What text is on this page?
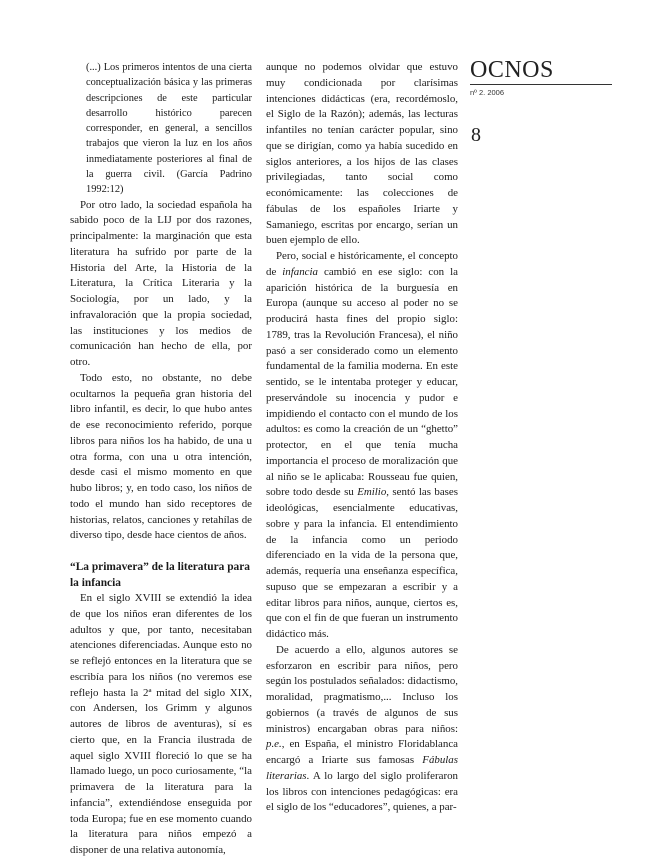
OCNOS
nº 2. 2006
8
(...) Los primeros intentos de una cierta conceptualización básica y las primeras descripciones de este particular desarrollo histórico parecen corresponder, en general, a sencillos trabajos que vieron la luz en los años inmediatamente posteriores al final de la guerra civil. (García Padrino 1992:12)

Por otro lado, la sociedad española ha sabido poco de la LIJ por dos razones, principalmente: la marginación que esta literatura ha sufrido por parte de la Historia del Arte, la Historia de la Literatura, la Crítica Literaria y la Sociología, por un lado, y la infravaloración que la propia sociedad, las instituciones y los medios de comunicación han hecho de ella, por otro.

Todo esto, no obstante, no debe ocultarnos la pequeña gran historia del libro infantil, es decir, lo que hubo antes de ese reconocimiento referido, porque libros para niños los ha habido, de una u otra forma, con una u otra intención, desde casi el mismo momento en que hubo libros; y, en todo caso, los niños de todo el mundo han sido receptores de historias, relatos, canciones y retahílas de diverso tipo, desde hace cientos de años.

“La primavera” de la literatura para la infancia

En el siglo XVIII se extendió la idea de que los niños eran diferentes de los adultos y que, por tanto, necesitaban atenciones diferenciadas. Aunque esto no se reflejó entonces en la literatura que se escribía para los niños (no veremos ese reflejo hasta la 2ª mitad del siglo XIX, con Andersen, los Grimm y algunos autores de libros de aventuras), sí es cierto que, en la Francia ilustrada de aquel siglo XVIII floreció lo que se ha llamado luego, un poco curiosamente, “la primavera de la literatura para la infancia”, extendiéndose enseguida por toda Europa; fue en ese momento cuando la literatura para niños empezó a disponer de una relativa autonomía,

aunque no podemos olvidar que estuvo muy condicionada por clarísimas intenciones didácticas (era, recordémoslo, el Siglo de la Razón); además, las lecturas infantiles no tenían carácter popular, sino que se dirigían, como ya había sucedido en siglos anteriores, a los hijos de las clases privilegiadas, tanto social como económicamente: las colecciones de fábulas de los españoles Iriarte y Samaniego, escritas por encargo, serían un buen ejemplo de ello.

Pero, social e históricamente, el concepto de infancia cambió en ese siglo: con la aparición histórica de la burguesía en Europa (aunque su acceso al poder no se producirá hasta fines del propio siglo: 1789, tras la Revolución Francesa), el niño pasó a ser considerado como un elemento fundamental de la familia moderna. En este sentido, se le intentaba proteger y educar, preservándole su inocencia y pudor e impidiendo el contacto con el mundo de los adultos: es como la creación de un “ghetto” protector, en el que tenía mucha importancia el proceso de moralización que al niño se le aplicaba: Rousseau fue quien, sobre todo desde su Emilio, sentó las bases ideológicas, esencialmente educativas, sobre y para la infancia. El entendimiento de la infancia como un periodo diferenciado en la vida de la persona que, además, requería una enseñanza específica, supuso que se empezaran a escribir y a editar libros para niños, aunque, ciertos es, que con el fin de que fueran un instrumento didáctico más.

De acuerdo a ello, algunos autores se esforzaron en escribir para niños, pero según los postulados señalados: didactismo, moralidad, pragmatismo,... Incluso los gobiernos (a través de algunos de sus ministros) encargaban obras para niños: p.e., en España, el ministro Floridablanca encargó a Iriarte sus famosas Fábulas literarias. A lo largo del siglo proliferaron los libros con intenciones pedagógicas: era el siglo de los “educadores”, quienes, a par-
